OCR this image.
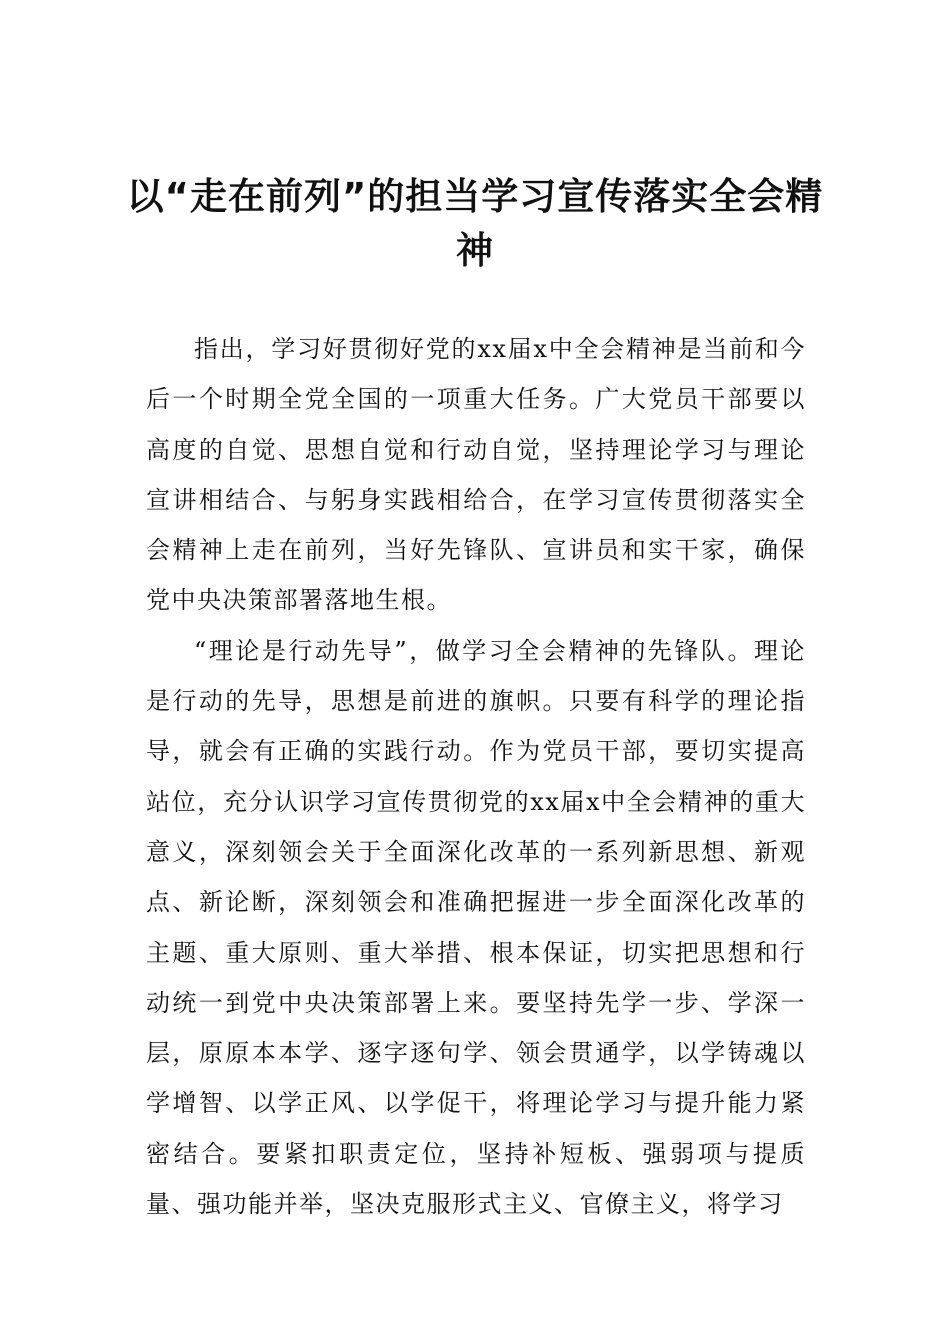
以“走在前列”的担当学习宣传落实全会精神

指出，学习好贯彻好党的xx届x中全会精神是当前和今后一个时期全党全国的一项重大任务。广大党员干部要以高度的自觉、思想自觉和行动自觉，坚持理论学习与理论宣讲相结合、与躬身实践相给合，在学习宣传贯彻落实全会精神上走在前列，当好先锋队、宣讲员和实干家，确保党中央决策部署落地生根。

“理论是行动先导”，做学习全会精神的先锋队。理论是行动的先导，思想是前进的旗帜。只要有科学的理论指导，就会有正确的实践行动。作为党员干部，要切实提高站位，充分认识学习宣传贯彻党的xx届x中全会精神的重大意义，深刻领会关于全面深化改革的一系列新思想、新观点、新论断，深刻领会和准确把握进一步全面深化改革的主题、重大原则、重大举措、根本保证，切实把思想和行动统一到党中央决策部署上来。要坚持先学一步、学深一层，原原本本学、逐字逐句学、领会贯通学，以学铸魂以学增智、以学正风、以学促干，将理论学习与提升能力紧密结合。要紧扣职责定位，坚持补短板、强弱项与提质量、强功能并举，坚决克服形式主义、官僚主义，将学习
